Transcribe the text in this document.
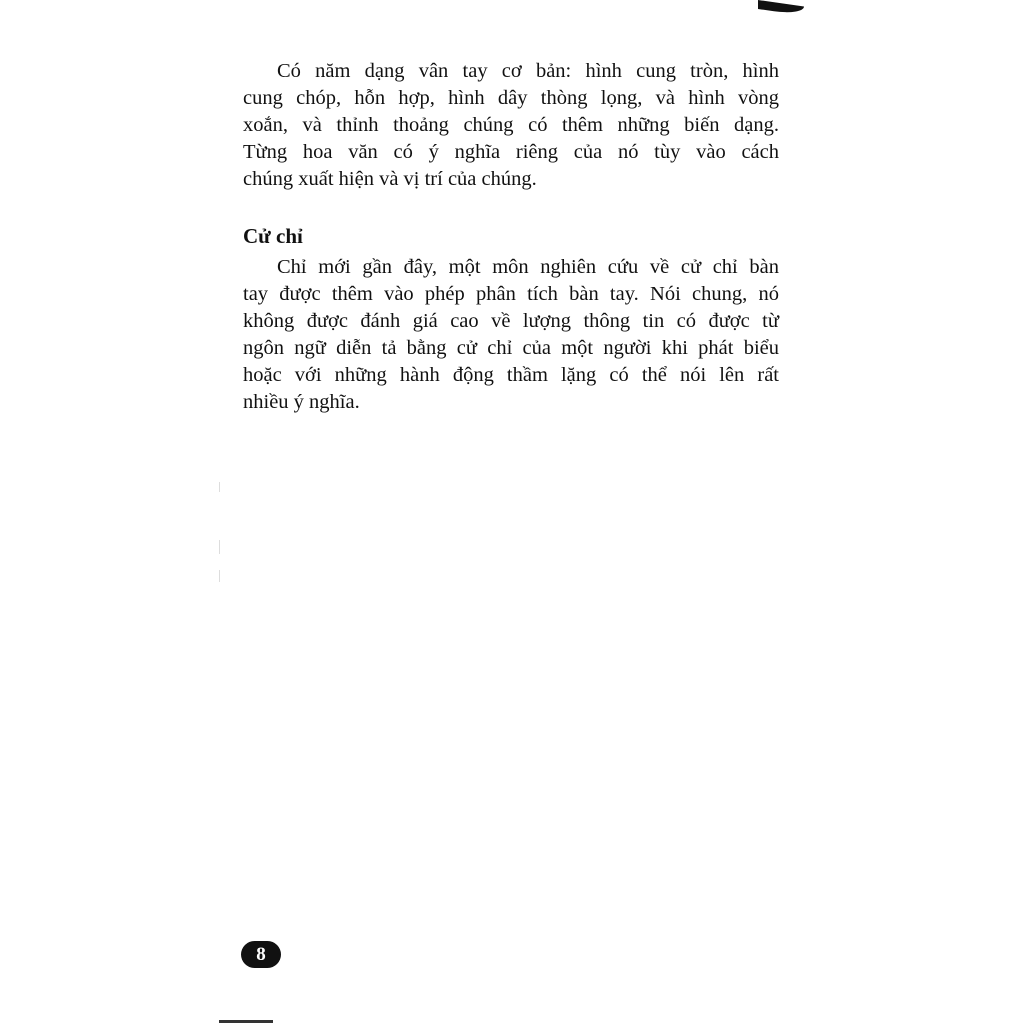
Có năm dạng vân tay cơ bản: hình cung tròn, hình
cung chóp, hỗn hợp, hình dây thòng lọng, và hình vòng
xoắn, và thỉnh thoảng chúng có thêm những biến dạng.
Từng hoa văn có ý nghĩa riêng của nó tùy vào cách
chúng xuất hiện và vị trí của chúng.

Cử chỉ

Chỉ mới gần đây, một môn nghiên cứu về cử chỉ bàn
tay được thêm vào phép phân tích bàn tay. Nói chung, nó
không được đánh giá cao về lượng thông tin có được từ
ngôn ngữ diễn tả bằng cử chỉ của một người khi phát biểu
hoặc với những hành động thầm lặng có thể nói lên rất
nhiều ý nghĩa.

8
